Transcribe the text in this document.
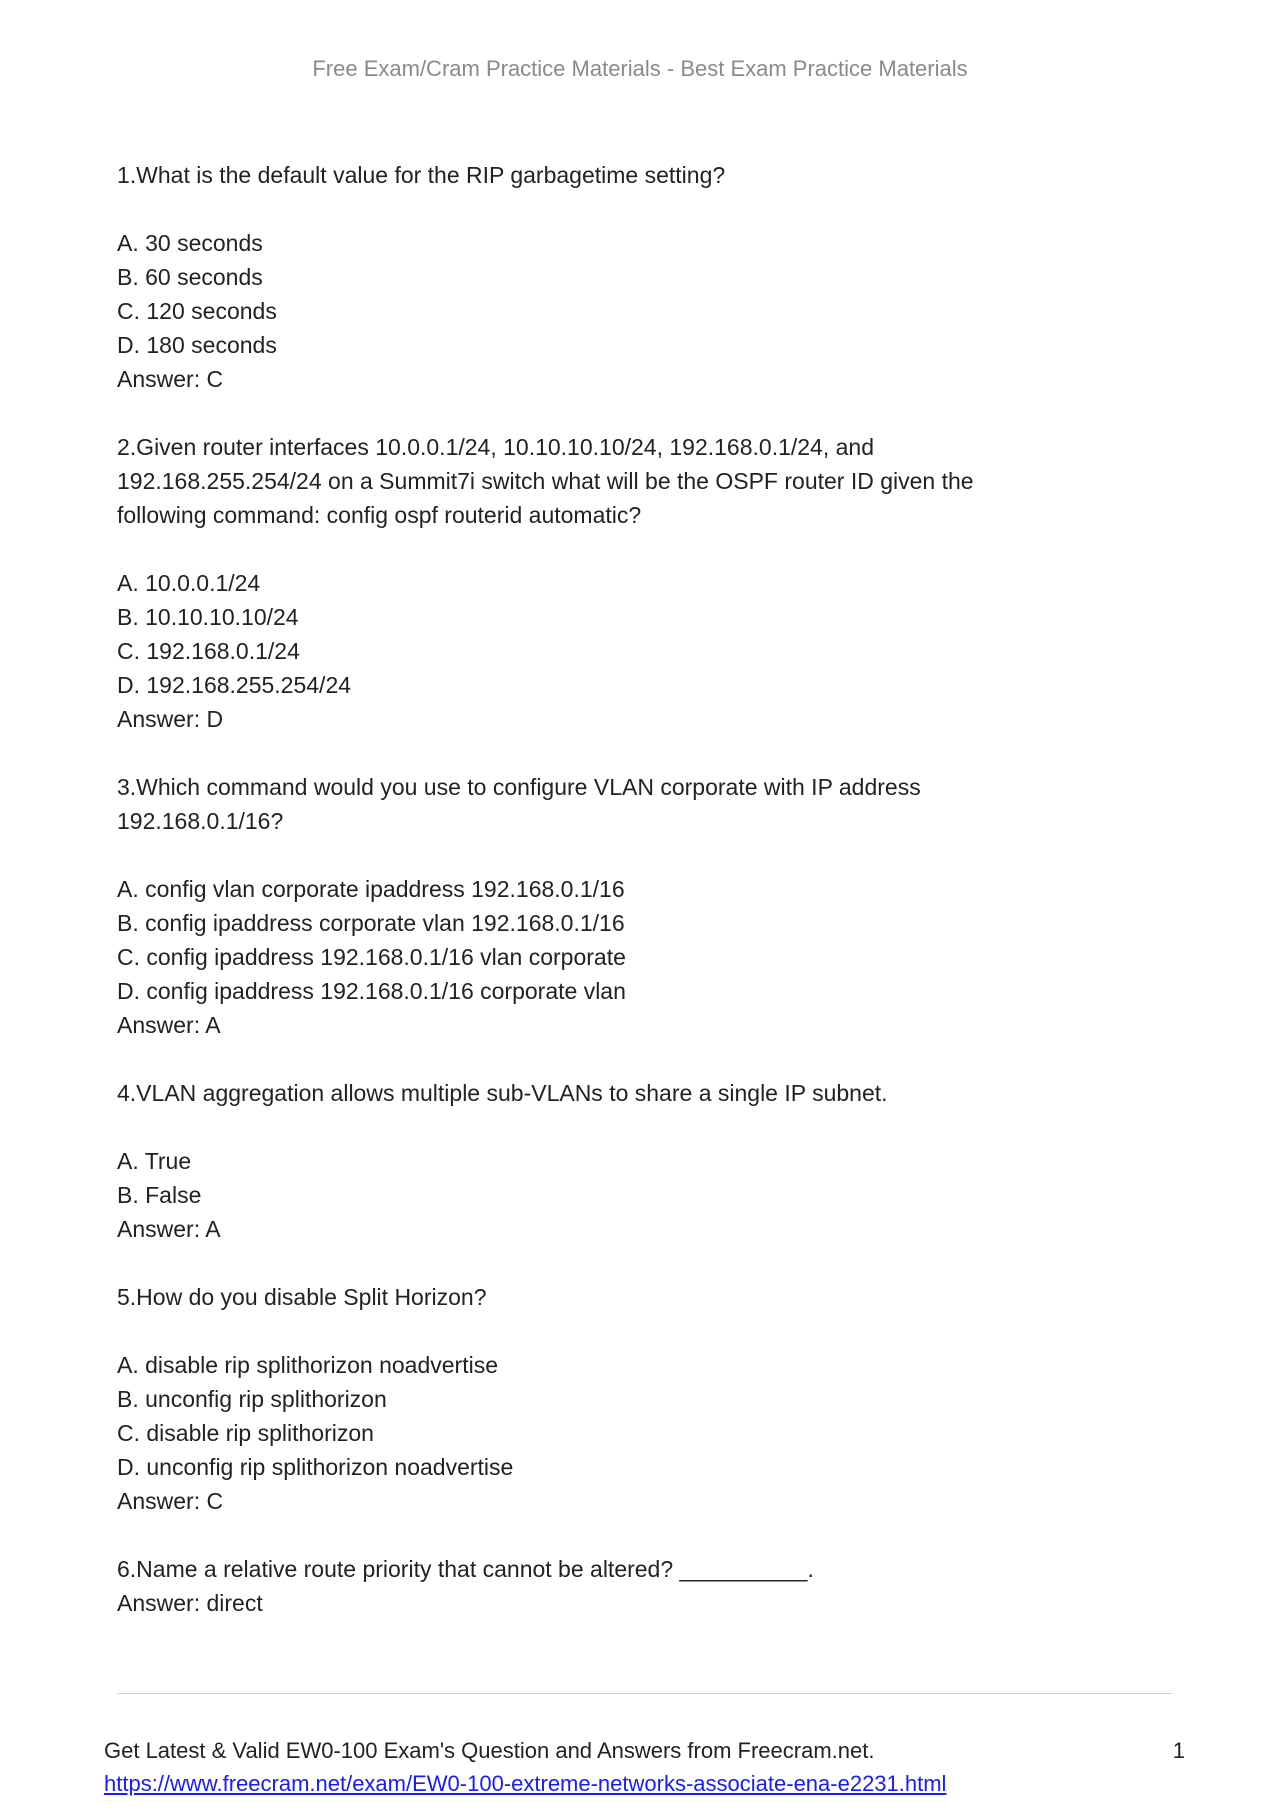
Free Exam/Cram Practice Materials - Best Exam Practice Materials
1.What is the default value for the RIP garbagetime setting?
A. 30 seconds
B. 60 seconds
C. 120 seconds
D. 180 seconds
Answer: C
2.Given router interfaces 10.0.0.1/24, 10.10.10.10/24, 192.168.0.1/24, and
192.168.255.254/24 on a Summit7i switch what will be the OSPF router ID given the
following command: config ospf routerid automatic?
A. 10.0.0.1/24
B. 10.10.10.10/24
C. 192.168.0.1/24
D. 192.168.255.254/24
Answer: D
3.Which command would you use to configure VLAN corporate with IP address
192.168.0.1/16?
A. config vlan corporate ipaddress 192.168.0.1/16
B. config ipaddress corporate vlan 192.168.0.1/16
C. config ipaddress 192.168.0.1/16 vlan corporate
D. config ipaddress 192.168.0.1/16 corporate vlan
Answer: A
4.VLAN aggregation allows multiple sub-VLANs to share a single IP subnet.
A. True
B. False
Answer: A
5.How do you disable Split Horizon?
A. disable rip splithorizon noadvertise
B. unconfig rip splithorizon
C. disable rip splithorizon
D. unconfig rip splithorizon noadvertise
Answer: C
6.Name a relative route priority that cannot be altered? __________.
Answer: direct
Get Latest & Valid EW0-100 Exam's Question and Answers from Freecram.net.
https://www.freecram.net/exam/EW0-100-extreme-networks-associate-ena-e2231.html
1
